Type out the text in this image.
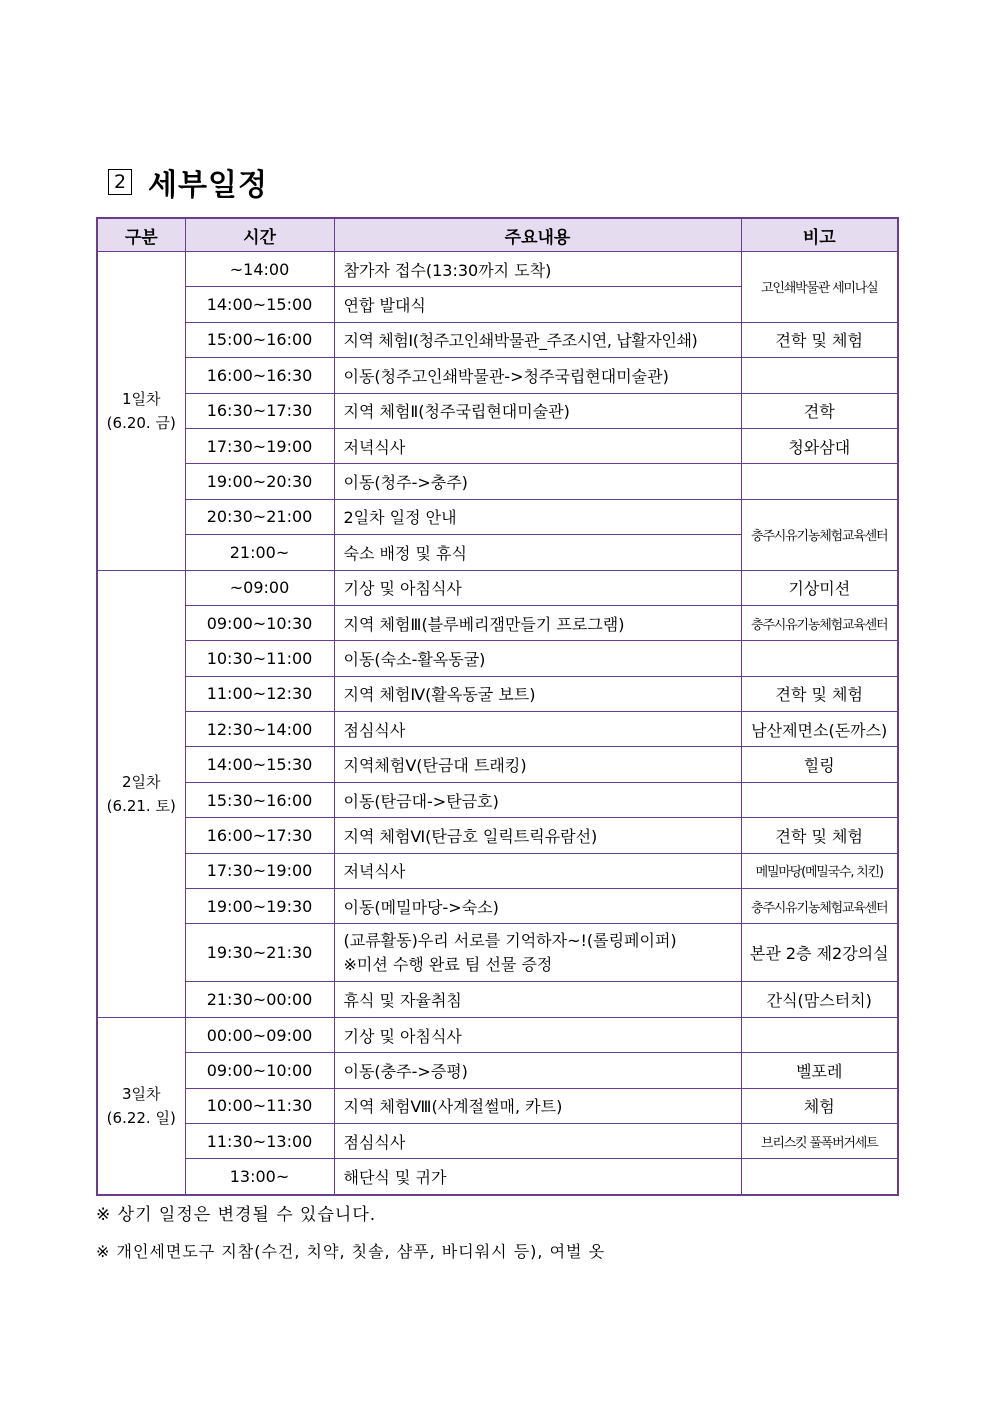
2 세부일정
구분	시간	주요내용	비고

1일차
(6.20. 금)	~14:00	참가자 접수(13:30까지 도착)	고인쇄박물관 세미나실
	14:00~15:00	연합 발대식	
	15:00~16:00	지역 체험Ⅰ(청주고인쇄박물관_주조시연, 납활자인쇄)	견학 및 체험
	16:00~16:30	이동(청주고인쇄박물관->청주국립현대미술관)	
	16:30~17:30	지역 체험Ⅱ(청주국립현대미술관)	견학
	17:30~19:00	저녁식사	청와삼대
	19:00~20:30	이동(청주->충주)	
	20:30~21:00	2일차 일정 안내	충주시유기농체험교육센터
	21:00~	숙소 배정 및 휴식	

2일차
(6.21. 토)	~09:00	기상 및 아침식사	기상미션
	09:00~10:30	지역 체험Ⅲ(블루베리잼만들기 프로그램)	충주시유기농체험교육센터
	10:30~11:00	이동(숙소-활옥동굴)	
	11:00~12:30	지역 체험Ⅳ(활옥동굴 보트)	견학 및 체험
	12:30~14:00	점심식사	남산제면소(돈까스)
	14:00~15:30	지역체험Ⅴ(탄금대 트래킹)	힐링
	15:30~16:00	이동(탄금대->탄금호)	
	16:00~17:30	지역 체험Ⅵ(탄금호 일릭트릭유람선)	견학 및 체험
	17:30~19:00	저녁식사	메밀마당(메밀국수, 치킨)
	19:00~19:30	이동(메밀마당->숙소)	충주시유기농체험교육센터
	19:30~21:30	(교류활동)우리 서로를 기억하자~!(롤링페이퍼)
※미션 수행 완료 팀 선물 증정	본관 2층 제2강의실
	21:30~00:00	휴식 및 자율취침	간식(맘스터치)

3일차
(6.22. 일)	00:00~09:00	기상 및 아침식사	
	09:00~10:00	이동(충주->증평)	벨포레
	10:00~11:30	지역 체험Ⅷ(사계절썰매, 카트)	체험
	11:30~13:00	점심식사	브리스킷 풀폭버거세트
	13:00~	해단식 및 귀가	
※ 상기 일정은 변경될 수 있습니다.
※ 개인세면도구 지참(수건, 치약, 칫솔, 샴푸, 바디워시 등), 여벌 옷
